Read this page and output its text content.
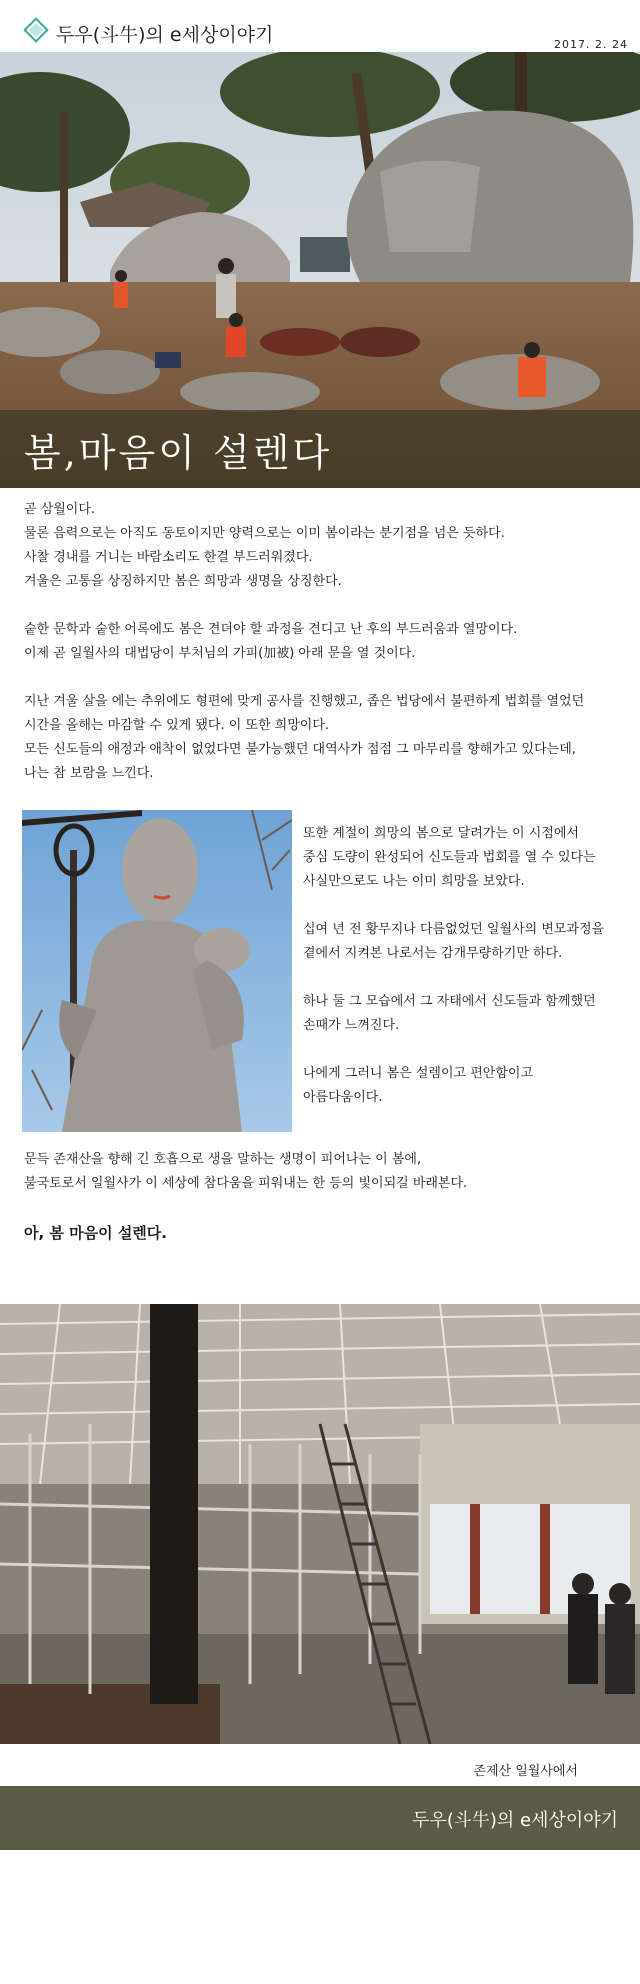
두우(斗牛)의 e세상이야기	2017. 2. 24
봄,마음이 설렌다

곧 삼월이다.

물론 음력으로는 아직도 동토이지만 양력으로는 이미 봄이라는 분기점을 넘은 듯하다.

사찰 경내를 거니는 바람소리도 한결 부드러워졌다.

겨울은 고통을 상징하지만 봄은 희망과 생명을 상징한다.

숱한 문학과 숱한 어록에도 봄은 견뎌야 할 과정을 견디고 난 후의 부드러움과 열망이다.

이제 곧 일월사의 대법당이 부처님의 가피(加被) 아래 문을 열 것이다.

지난 겨울 살을 에는 추위에도 형편에 맞게 공사를 진행했고, 좁은 법당에서 불편하게 법회를 열었던

시간을 올해는 마감할 수 있게 됐다. 이 또한 희망이다.

모든 신도들의 애정과 애착이 없었다면 불가능했던 대역사가 점점 그 마무리를 향해가고 있다는데,

나는 참 보람을 느낀다.

또한 계절이 희망의 봄으로 달려가는 이 시점에서

중심 도량이 완성되어 신도들과 법회를 열 수 있다는

사실만으로도 나는 이미 희망을 보았다.

십여 년 전 황무지나 다름없었던 일월사의 변모과정을

곁에서 지켜본 나로서는 감개무량하기만 하다.

하나 둘 그 모습에서 그 자태에서 신도들과 함께했던

손때가 느껴진다.

나에게 그러니 봄은 설렘이고 편안함이고

아름다움이다.

문득 존재산을 향해 긴 호흡으로 생을 말하는 생명이 피어나는 이 봄에,

불국토로서 일월사가 이 세상에 참다움을 피워내는 한 등의 빛이되길 바래본다.

아, 봄 마음이 설렌다.
존제산 일월사에서
두우(斗牛)의 e세상이야기
